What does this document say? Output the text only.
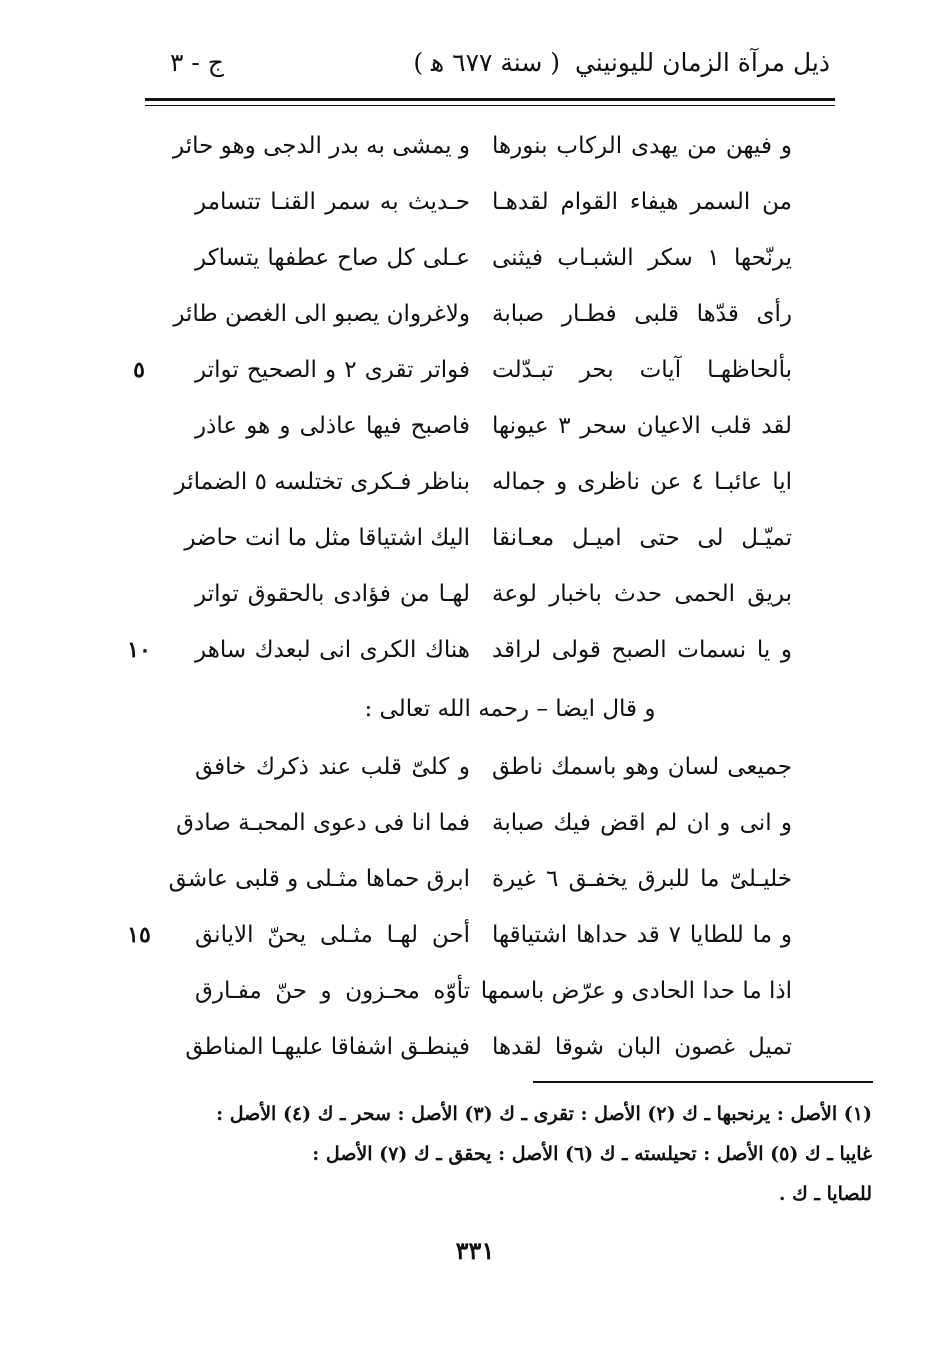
ذيل مرآة الزمان لليونيني
( سنة ٦٧٧ ﻫ )
ج - ٣
و فيهن من يهدى الركاب بنورها
و يمشى به بدر الدجى وهو حائر
من السمر هيفاء القوام لقدهـا
حـديث به سمر القنـا تتسامر
يرنّحها ١ سكر الشبـاب فيثنى
عـلى كل صاح عطفها يتساكر
رأى قدّها قلبى فطـار صبابة
ولاغروان يصبو الى الغصن طائر
بألحاظهـا آيات بحر تبـدّلت
فواتر تقرى ٢ و الصحيح تواتر
٥
لقد قلب الاعيان سحر ٣ عيونها
فاصبح فيها عاذلى و هو عاذر
ايا عائبـا ٤ عن ناظرى و جماله
بناظر فـكرى تختلسه ٥ الضمائر
تميّـل لى حتى اميـل معـانقا
اليك اشتياقا مثل ما انت حاضر
بريق الحمى حدث باخبار لوعة
لهـا من فؤادى بالحقوق تواتر
و يا نسمات الصبح قولى لراقد
هناك الكرى انى لبعدك ساهر
١٠
و قال ايضا – رحمه الله تعالى :
جميعى لسان وهو باسمك ناطق
و كلىّ قلب عند ذكرك خافق
و انى و ان لم اقض فيك صبابة
فما انا فى دعوى المحبـة صادق
خليـلىّ ما للبرق يخفـق ٦ غيرة
ابرق حماها مثـلى و قلبى عاشق
و ما للطايا ٧ قد حداها اشتياقها
أحن لهـا مثـلى يحنّ الايانق
١٥
اذا ما حدا الحادى و عرّض باسمها
تأوّه محـزون و حنّ مفـارق
تميل غصون البان شوقا لقدها
فينطـق اشفاقا عليهـا المناطق
(١) الأصل : يرنحبها ـ ك (٢) الأصل : تقرى ـ ك (٣) الأصل : سحر ـ ك (٤) الأصل :
غايبا ـ ك (٥) الأصل : تحيلسته ـ ك (٦) الأصل : يحقق ـ ك (٧) الأصل :
للصايا ـ ك .
٣٣١
